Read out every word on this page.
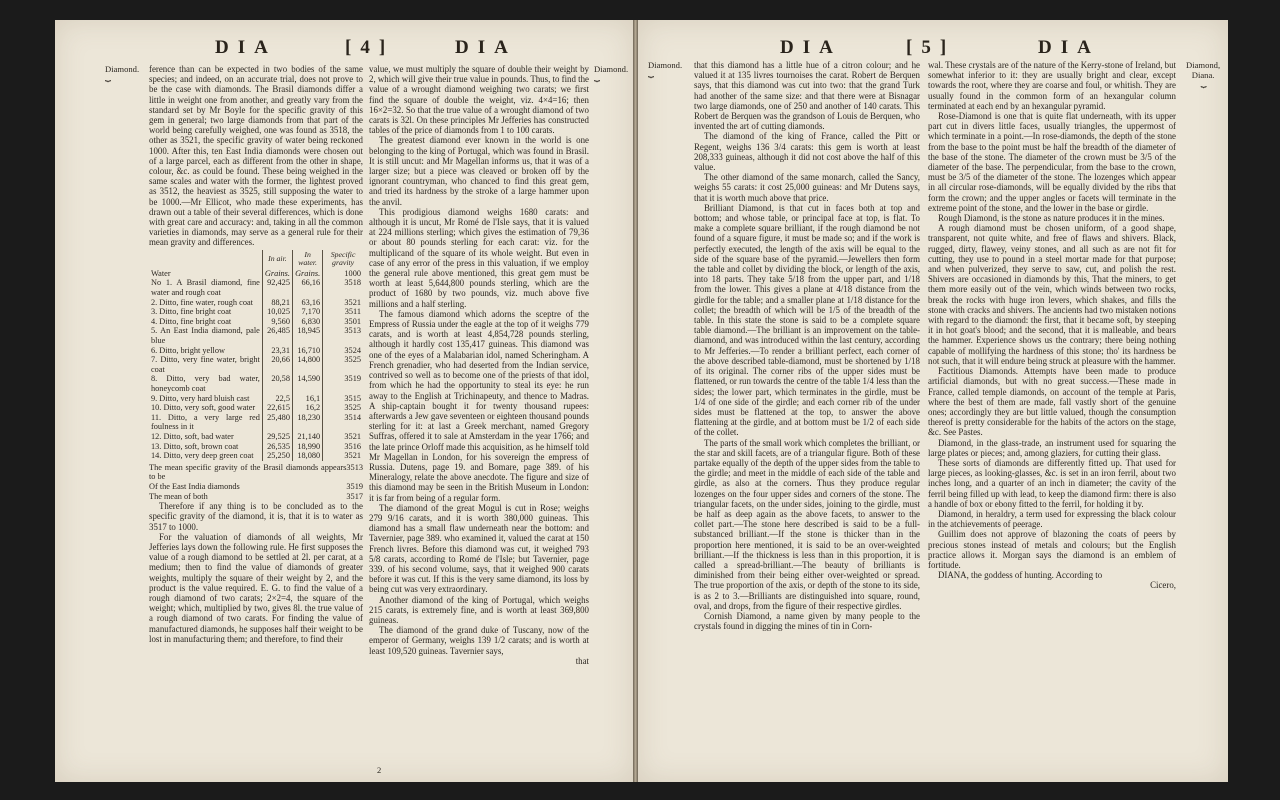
DIA	[4]	DIA
Diamond.
⏟
Diamond.
⏟

ference than can be expected in two bodies of the same species; and indeed, on an accurate trial, does not prove to be the case with diamonds. The Brasil diamonds differ a little in weight one from another, and greatly vary from the standard set by Mr Boyle for the specific gravity of this gem in general; two large diamonds from that part of the world being carefully weighed, one was found as 3518, the other as 3521, the specific gravity of water being reckoned 1000. After this, ten East India diamonds were chosen out of a large parcel, each as different from the other in shape, colour, &c. as could be found. These being weighed in the same scales and water with the former, the lightest proved as 3512, the heaviest as 3525, still supposing the water to be 1000.—Mr Ellicot, who made these experiments, has drawn out a table of their several differences, which is done with great care and accuracy: and, taking in all the common varieties in diamonds, may serve as a general rule for their mean gravity and differences.

	In air.	In water.	Specific gravity
Water	Grains.	Grains.	1000
No 1. A Brasil diamond, fine water and rough coat	92,425	66,16	3518
2. Ditto, fine water, rough coat	88,21	63,16	3521
3. Ditto, fine bright coat	10,025	7,170	3511
4. Ditto, fine bright coat	9,560	6,830	3501
5. An East India diamond, pale blue	26,485	18,945	3513
6. Ditto, bright yellow	23,31	16,710	3524
7. Ditto, very fine water, bright coat	20,66	14,800	3525
8. Ditto, very bad water, honeycomb coat	20,58	14,590	3519
9. Ditto, very hard bluish cast	22,5	16,1	3515
10. Ditto, very soft, good water	22,615	16,2	3525
11. Ditto, a very large red foulness in it	25,480	18,230	3514
12. Ditto, soft, bad water	29,525	21,140	3521
13. Ditto, soft, brown coat	26,535	18,990	3516
14. Ditto, very deep green coat	25,250	18,080	3521
The mean specific gravity of the Brasil diamonds appears to be
3513
Of the East India diamonds	3519
The mean of both	3517

Therefore if any thing is to be concluded as to the specific gravity of the diamond, it is, that it is to water as 3517 to 1000.

For the valuation of diamonds of all weights, Mr Jefferies lays down the following rule. He first supposes the value of a rough diamond to be settled at 2l. per carat, at a medium; then to find the value of diamonds of greater weights, multiply the square of their weight by 2, and the product is the value required. E. G. to find the value of a rough diamond of two carats; 2×2=4, the square of the weight; which, multiplied by two, gives 8l. the true value of a rough diamond of two carats. For finding the value of manufactured diamonds, he supposes half their weight to be lost in manufacturing them; and therefore, to find their

value, we must multiply the square of double their weight by 2, which will give their true value in pounds. Thus, to find the value of a wrought diamond weighing two carats; we first find the square of double the weight, viz. 4×4=16; then 16×2=32. So that the true value of a wrought diamond of two carats is 32l. On these principles Mr Jefferies has constructed tables of the price of diamonds from 1 to 100 carats.

The greatest diamond ever known in the world is one belonging to the king of Portugal, which was found in Brasil. It is still uncut: and Mr Magellan informs us, that it was of a larger size; but a piece was cleaved or broken off by the ignorant countryman, who chanced to find this great gem, and tried its hardness by the stroke of a large hammer upon the anvil.

This prodigious diamond weighs 1680 carats: and although it is uncut, Mr Romé de l'Isle says, that it is valued at 224 millions sterling; which gives the estimation of 79,36 or about 80 pounds sterling for each carat: viz. for the multiplicand of the square of its whole weight. But even in case of any error of the press in this valuation, if we employ the general rule above mentioned, this great gem must be worth at least 5,644,800 pounds sterling, which are the product of 1680 by two pounds, viz. much above five millions and a half sterling.

The famous diamond which adorns the sceptre of the Empress of Russia under the eagle at the top of it weighs 779 carats, and is worth at least 4,854,728 pounds sterling, although it hardly cost 135,417 guineas. This diamond was one of the eyes of a Malabarian idol, named Scheringham. A French grenadier, who had deserted from the Indian service, contrived so well as to become one of the priests of that idol, from which he had the opportunity to steal its eye: he run away to the English at Trichinapeuty, and thence to Madras. A ship-captain bought it for twenty thousand rupees: afterwards a Jew gave seventeen or eighteen thousand pounds sterling for it: at last a Greek merchant, named Gregory Suffras, offered it to sale at Amsterdam in the year 1766; and the late prince Orloff made this acquisition, as he himself told Mr Magellan in London, for his sovereign the empress of Russia. Dutens, page 19. and Bomare, page 389. of his Mineralogy, relate the above anecdote. The figure and size of this diamond may be seen in the British Museum in London: it is far from being of a regular form.

The diamond of the great Mogul is cut in Rose; weighs 279 9/16 carats, and it is worth 380,000 guineas. This diamond has a small flaw underneath near the bottom: and Tavernier, page 389. who examined it, valued the carat at 150 French livres. Before this diamond was cut, it weighed 793 5/8 carats, according to Romé de l'Isle; but Tavernier, page 339. of his second volume, says, that it weighed 900 carats before it was cut. If this is the very same diamond, its loss by being cut was very extraordinary.

Another diamond of the king of Portugal, which weighs 215 carats, is extremely fine, and is worth at least 369,800 guineas.

The diamond of the grand duke of Tuscany, now of the emperor of Germany, weighs 139 1/2 carats; and is worth at least 109,520 guineas. Tavernier says,

that

2
DIA	[5]	DIA
Diamond.
⏟
Diamond,
Diana.
⏟

that this diamond has a little hue of a citron colour; and he valued it at 135 livres tournoises the carat. Robert de Berquen says, that this diamond was cut into two: that the grand Turk had another of the same size: and that there were at Bisnagar two large diamonds, one of 250 and another of 140 carats. This Robert de Berquen was the grandson of Louis de Berquen, who invented the art of cutting diamonds.

The diamond of the king of France, called the Pitt or Regent, weighs 136 3/4 carats: this gem is worth at least 208,333 guineas, although it did not cost above the half of this value.

The other diamond of the same monarch, called the Sancy, weighs 55 carats: it cost 25,000 guineas: and Mr Dutens says, that it is worth much above that price.

Brilliant Diamond, is that cut in faces both at top and bottom; and whose table, or principal face at top, is flat. To make a complete square brilliant, if the rough diamond be not found of a square figure, it must be made so; and if the work is perfectly executed, the length of the axis will be equal to the side of the square base of the pyramid.—Jewellers then form the table and collet by dividing the block, or length of the axis, into 18 parts. They take 5/18 from the upper part, and 1/18 from the lower. This gives a plane at 4/18 distance from the girdle for the table; and a smaller plane at 1/18 distance for the collet; the breadth of which will be 1/5 of the breadth of the table. In this state the stone is said to be a complete square table diamond.—The brilliant is an improvement on the table-diamond, and was introduced within the last century, according to Mr Jefferies.—To render a brilliant perfect, each corner of the above described table-diamond, must be shortened by 1/18 of its original. The corner ribs of the upper sides must be flattened, or run towards the centre of the table 1/4 less than the sides; the lower part, which terminates in the girdle, must be 1/4 of one side of the girdle; and each corner rib of the under sides must be flattened at the top, to answer the above flattening at the girdle, and at bottom must be 1/2 of each side of the collet.

The parts of the small work which completes the brilliant, or the star and skill facets, are of a triangular figure. Both of these partake equally of the depth of the upper sides from the table to the girdle; and meet in the middle of each side of the table and girdle, as also at the corners. Thus they produce regular lozenges on the four upper sides and corners of the stone. The triangular facets, on the under sides, joining to the girdle, must be half as deep again as the above facets, to answer to the collet part.—The stone here described is said to be a full-substanced brilliant.—If the stone is thicker than in the proportion here mentioned, it is said to be an over-weighted brilliant.—If the thickness is less than in this proportion, it is called a spread-brilliant.—The beauty of brilliants is diminished from their being either over-weighted or spread. The true proportion of the axis, or depth of the stone to its side, is as 2 to 3.—Brilliants are distinguished into square, round, oval, and drops, from the figure of their respective girdles.

Cornish Diamond, a name given by many people to the crystals found in digging the mines of tin in Corn-

wal. These crystals are of the nature of the Kerry-stone of Ireland, but somewhat inferior to it: they are usually bright and clear, except towards the root, where they are coarse and foul, or whitish. They are usually found in the common form of an hexangular column terminated at each end by an hexangular pyramid.

Rose-Diamond is one that is quite flat underneath, with its upper part cut in divers little faces, usually triangles, the uppermost of which terminate in a point.—In rose-diamonds, the depth of the stone from the base to the point must be half the breadth of the diameter of the base of the stone. The diameter of the crown must be 3/5 of the diameter of the base. The perpendicular, from the base to the crown, must be 3/5 of the diameter of the stone. The lozenges which appear in all circular rose-diamonds, will be equally divided by the ribs that form the crown; and the upper angles or facets will terminate in the extreme point of the stone, and the lower in the base or girdle.

Rough Diamond, is the stone as nature produces it in the mines.

A rough diamond must be chosen uniform, of a good shape, transparent, not quite white, and free of flaws and shivers. Black, rugged, dirty, flawey, veiny stones, and all such as are not fit for cutting, they use to pound in a steel mortar made for that purpose; and when pulverized, they serve to saw, cut, and polish the rest. Shivers are occasioned in diamonds by this, That the miners, to get them more easily out of the vein, which winds between two rocks, break the rocks with huge iron levers, which shakes, and fills the stone with cracks and shivers. The ancients had two mistaken notions with regard to the diamond: the first, that it became soft, by steeping it in hot goat's blood; and the second, that it is malleable, and bears the hammer. Experience shows us the contrary; there being nothing capable of mollifying the hardness of this stone; tho' its hardness be not such, that it will endure being struck at pleasure with the hammer.

Factitious Diamonds. Attempts have been made to produce artificial diamonds, but with no great success.—These made in France, called temple diamonds, on account of the temple at Paris, where the best of them are made, fall vastly short of the genuine ones; accordingly they are but little valued, though the consumption thereof is pretty considerable for the habits of the actors on the stage, &c. See Pastes.

Diamond, in the glass-trade, an instrument used for squaring the large plates or pieces; and, among glaziers, for cutting their glass.

These sorts of diamonds are differently fitted up. That used for large pieces, as looking-glasses, &c. is set in an iron ferril, about two inches long, and a quarter of an inch in diameter; the cavity of the ferril being filled up with lead, to keep the diamond firm: there is also a handle of box or ebony fitted to the ferril, for holding it by.

Diamond, in heraldry, a term used for expressing the black colour in the atchievements of peerage.

Guillim does not approve of blazoning the coats of peers by precious stones instead of metals and colours; but the English practice allows it. Morgan says the diamond is an emblem of fortitude.

DIANA, the goddess of hunting. According to

Cicero,
